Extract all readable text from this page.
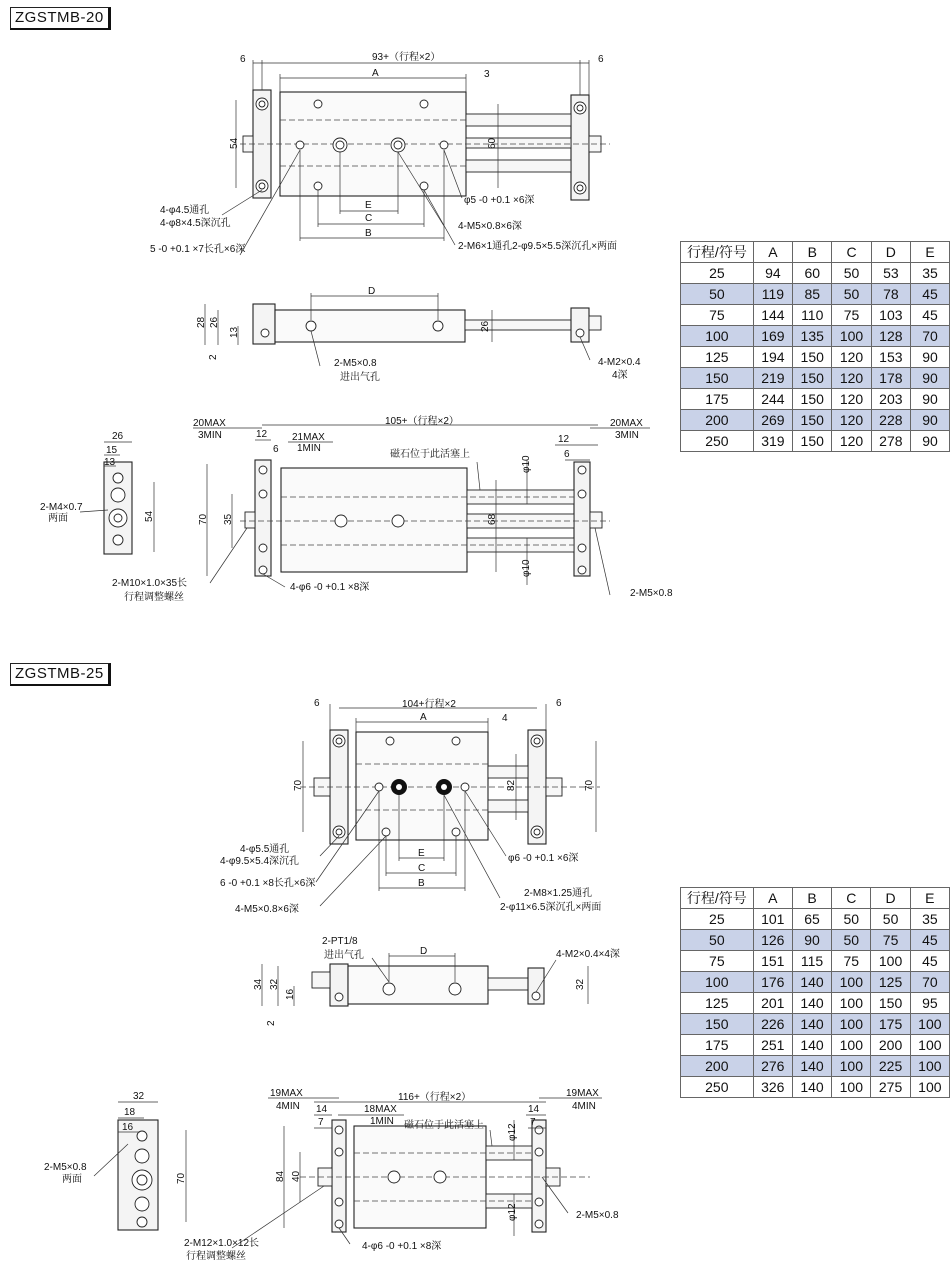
ZGSTMB-20
93+（行程×2）
6	6
A	3
54	60
E
C
B
4-φ4.5通孔
4-φ8×4.5深沉孔
5 -0 +0.1 ×7长孔×6深
φ5 -0 +0.1 ×6深
4-M5×0.8×6深
2-M6×1通孔2-φ9.5×5.5深沉孔×两面
D
28 26
13
2
26
2-M5×0.8
进出气孔
4-M2×0.4
4深
26
15
13
54
2-M4×0.7
两面
20MAX
3MIN	12
6
21MAX
1MIN
105+（行程×2）
磁石位于此活塞上
20MAX
3MIN
12
6
70 35	68
φ10
φ10
2-M10×1.0×35长
行程调整螺丝
4-φ6 -0 +0.1 ×8深
2-M5×0.8
行程/符号	A	B	C	D	E
25	94	60	50	53	35
50	119	85	50	78	45
75	144	110	75	103	45
100	169	135	100	128	70
125	194	150	120	153	90
150	219	150	120	178	90
175	244	150	120	203	90
200	269	150	120	228	90
250	319	150	120	278	90
ZGSTMB-25
104+行程×2
6	6
A	4
70	82	70
E
C
B
4-φ5.5通孔
4-φ9.5×5.4深沉孔
6 -0 +0.1 ×8长孔×6深
4-M5×0.8×6深
φ6 -0 +0.1 ×6深
2-M8×1.25通孔
2-φ11×6.5深沉孔×两面
2-PT1/8
进出气孔	D	4-M2×0.4×4深
34 32
16
2
32
32
18
16
70
2-M5×0.8
两面
19MAX
4MIN 14
7
18MAX
1MIN
116+（行程×2）
磁石位于此活塞上
19MAX
4MIN
14
7
84 40
φ12
φ12
2-M12×1.0×12长
行程调整螺丝
4-φ6 -0 +0.1 ×8深
2-M5×0.8
行程/符号	A	B	C	D	E
25	101	65	50	50	35
50	126	90	50	75	45
75	151	115	75	100	45
100	176	140	100	125	70
125	201	140	100	150	95
150	226	140	100	175	100
175	251	140	100	200	100
200	276	140	100	225	100
250	326	140	100	275	100
